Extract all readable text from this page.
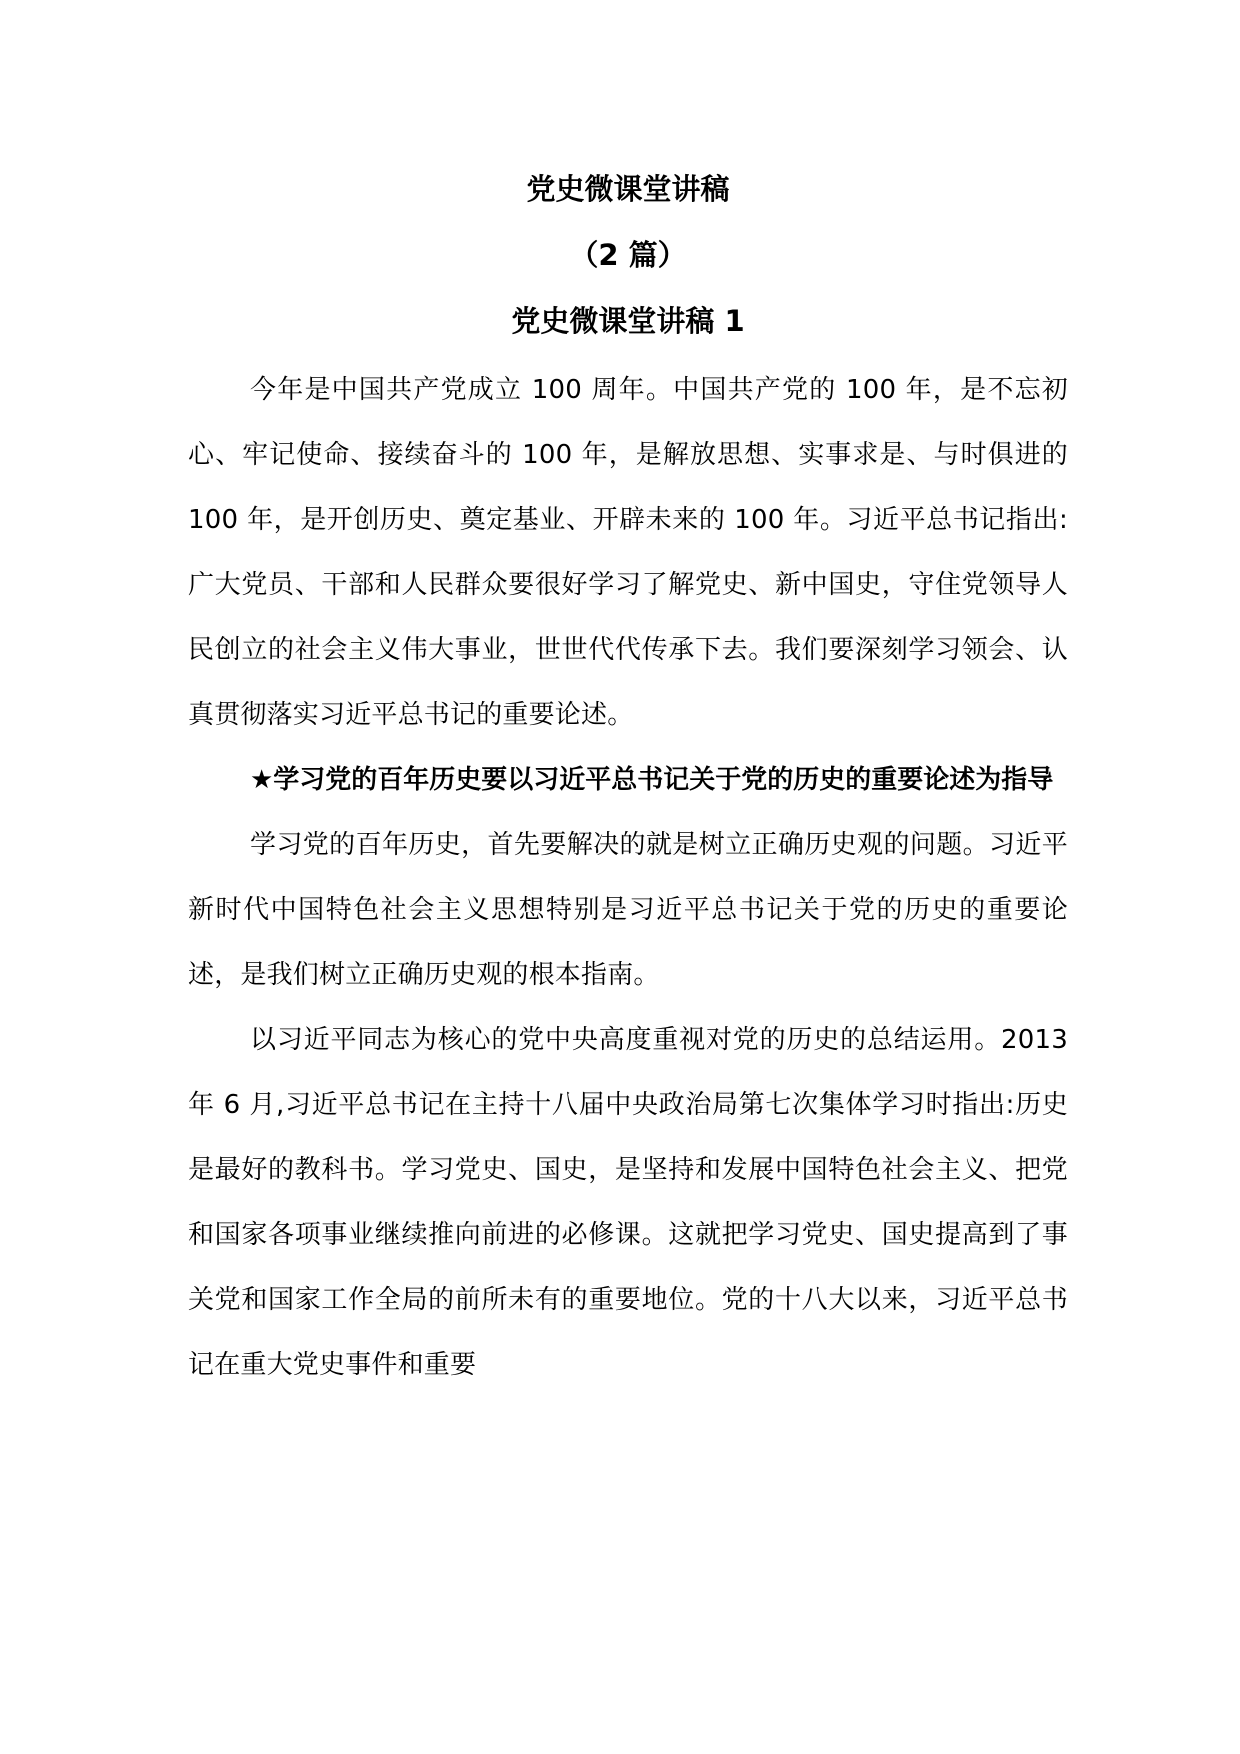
党史微课堂讲稿
（2 篇）
党史微课堂讲稿 1

今年是中国共产党成立 100 周年。中国共产党的 100 年，是不忘初心、牢记使命、接续奋斗的 100 年，是解放思想、实事求是、与时俱进的 100 年，是开创历史、奠定基业、开辟未来的 100 年。习近平总书记指出:广大党员、干部和人民群众要很好学习了解党史、新中国史，守住党领导人民创立的社会主义伟大事业，世世代代传承下去。我们要深刻学习领会、认真贯彻落实习近平总书记的重要论述。

★学习党的百年历史要以习近平总书记关于党的历史的重要论述为指导

学习党的百年历史，首先要解决的就是树立正确历史观的问题。习近平新时代中国特色社会主义思想特别是习近平总书记关于党的历史的重要论述，是我们树立正确历史观的根本指南。

以习近平同志为核心的党中央高度重视对党的历史的总结运用。2013 年 6 月,习近平总书记在主持十八届中央政治局第七次集体学习时指出:历史是最好的教科书。学习党史、国史，是坚持和发展中国特色社会主义、把党和国家各项事业继续推向前进的必修课。这就把学习党史、国史提高到了事关党和国家工作全局的前所未有的重要地位。党的十八大以来，习近平总书记在重大党史事件和重要
